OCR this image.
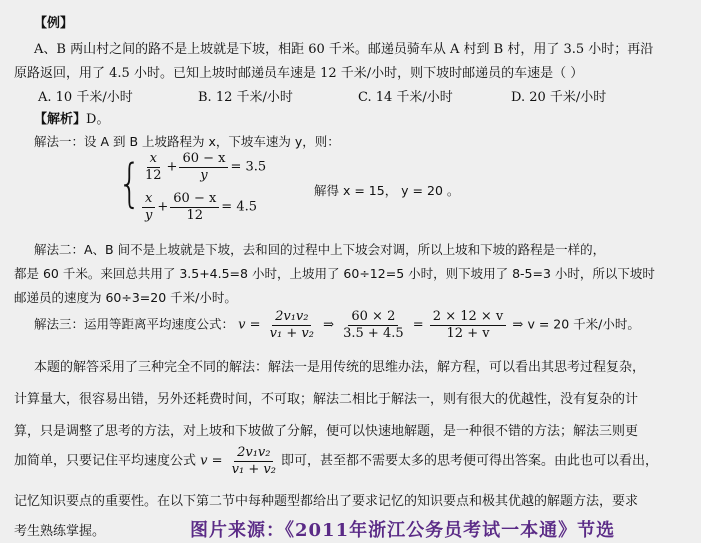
【例】
A、B 两山村之间的路不是上坡就是下坡，相距 60 千米。邮递员骑车从 A 村到 B 村，用了 3.5 小时；再沿
原路返回，用了 4.5 小时。已知上坡时邮递员车速是 12 千米/小时，则下坡时邮递员的车速是（ ）
A. 10 千米/小时	B. 12 千米/小时	C. 14 千米/小时	D. 20 千米/小时
【解析】D。
解法一：设 A 到 B 上坡路程为 x，下坡车速为 y，则：
{ $\frac{x}{12} + \frac{60 - x}{y} = 3.5$
$\frac{x}{y} + \frac{60 - x}{12} = 4.5$
解得 x = 15， y = 20 。
解法二：A、B 间不是上坡就是下坡，去和回的过程中上下坡会对调，所以上坡和下坡的路程是一样的，
都是 60 千米。来回总共用了 3.5+4.5=8 小时，上坡用了 60÷12=5 小时，则下坡用了 8-5=3 小时，所以下坡时
邮递员的速度为 60÷3=20 千米/小时。
解法三：运用等距离平均速度公式： $v = \frac{\text{2v₁v₂}}{\text{v₁ + v₂}}$ ⇒ $\frac{60 \times 2}{3.5 + 4.5} = \frac{2 \times 12 \times v}{12 + v}$ ⇒ v = 20 千米/小时。
本题的解答采用了三种完全不同的解法：解法一是用传统的思维办法，解方程，可以看出其思考过程复杂，
计算量大，很容易出错，另外还耗费时间，不可取；解法二相比于解法一，则有很大的优越性，没有复杂的计
算，只是调整了思考的方法，对上坡和下坡做了分解，便可以快速地解题，是一种很不错的方法；解法三则更
加简单，只要记住平均速度公式 $v = \frac{\text{2v₁v₂}}{\text{v₁ + v₂}}$ 即可，甚至都不需要太多的思考便可得出答案。由此也可以看出，
记忆知识要点的重要性。在以下第二节中每种题型都给出了要求记忆的知识要点和极其优越的解题方法，要求
考生熟练掌握。	图片来源：《2011年浙江公务员考试一本通》节选
